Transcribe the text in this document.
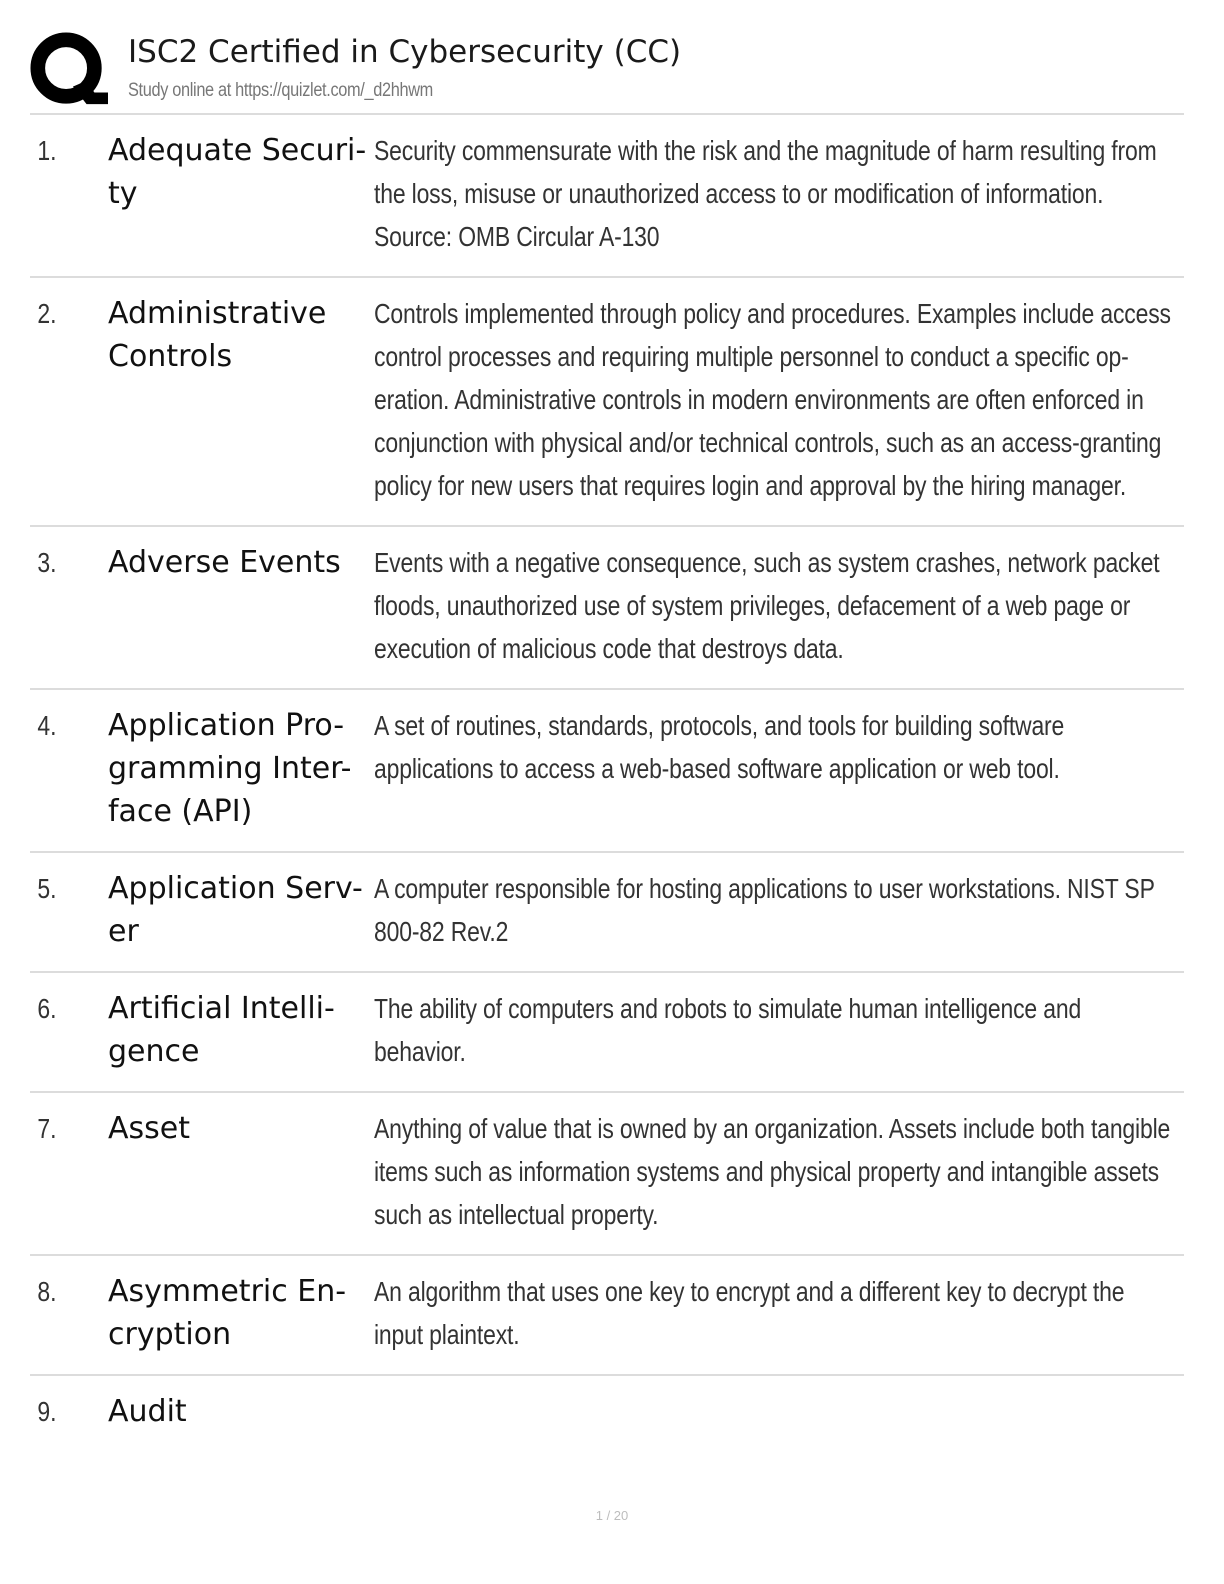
ISC2 Certified in Cybersecurity (CC)
Study online at https://quizlet.com/_d2hhwm
1.	Adequate Securi-ty
Security commensurate with the risk and the magnitude of harm resulting from the loss, misuse or unauthorized access to or modification of information. Source: OMB Circular A-130
2.	Administrative Controls
Controls implemented through policy and procedures. Examples include access control processes and requiring multiple personnel to conduct a specific op-eration. Administrative controls in modern environments are often enforced in conjunction with physical and/or technical controls, such as an access-granting policy for new users that requires login and approval by the hiring manager.
3.	Adverse Events	Events with a negative consequence, such as system crashes, network packet floods, unauthorized use of system privileges, defacement of a web page or execution of malicious code that destroys data.
4.	Application Pro-gramming Inter-face (API)
A set of routines, standards, protocols, and tools for building software applications to access a web-based software application or web tool.
5.	Application Serv-er
A computer responsible for hosting applications to user workstations. NIST SP 800-82 Rev.2
6.	Artificial Intelli-gence
The ability of computers and robots to simulate human intelligence and behavior.
7.	Asset	Anything of value that is owned by an organization. Assets include both tangible items such as information systems and physical property and intangible assets such as intellectual property.
8.	Asymmetric En-cryption
An algorithm that uses one key to encrypt and a different key to decrypt the input plaintext.
9.	Audit
1 / 20
